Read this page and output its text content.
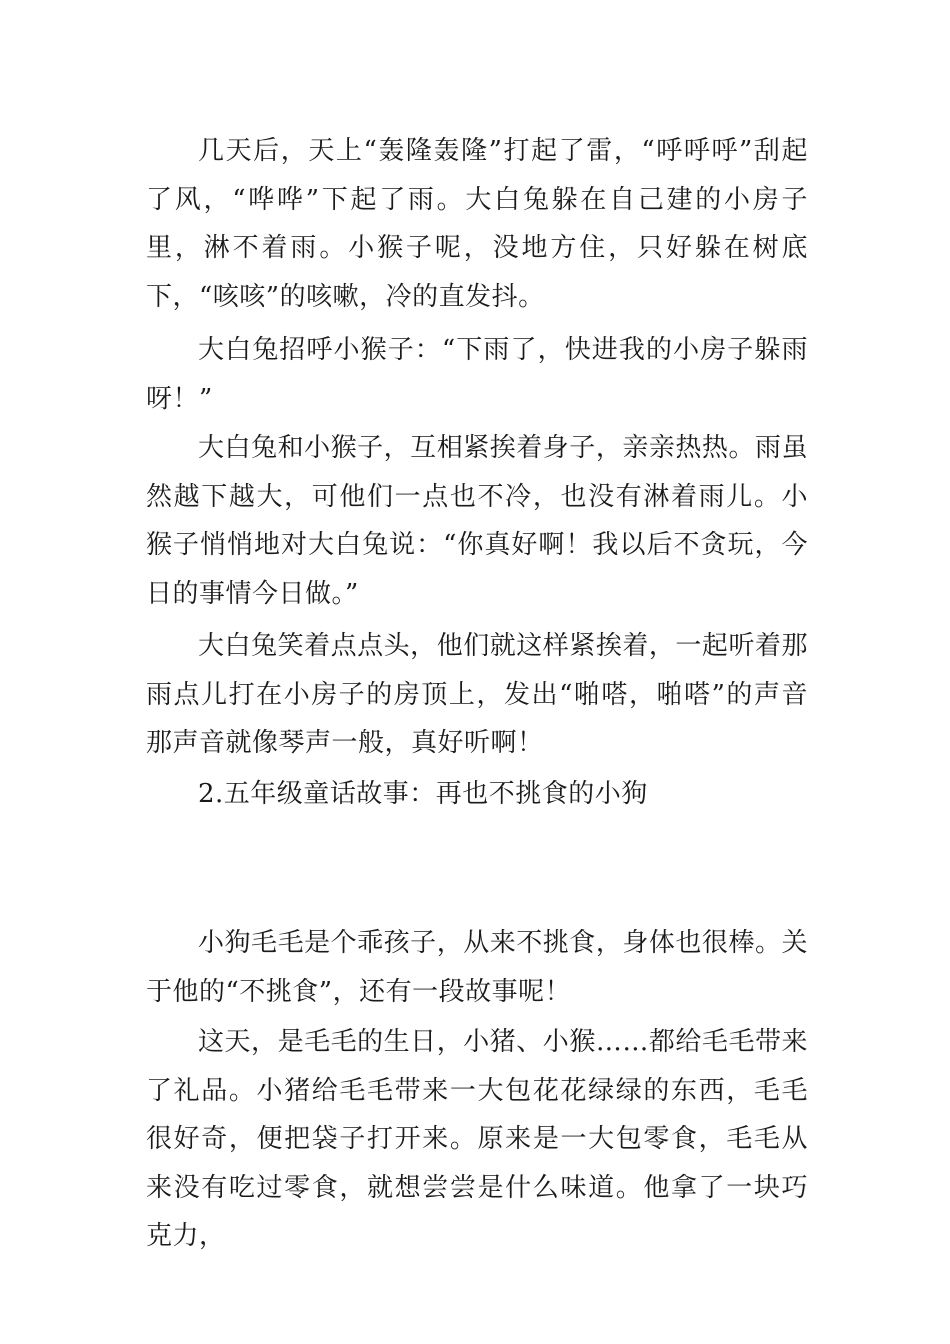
几天后，天上“轰隆轰隆”打起了雷，“呼呼呼”刮起了风，“哗哗”下起了雨。大白兔躲在自己建的小房子里，淋不着雨。小猴子呢，没地方住，只好躲在树底下，“咳咳”的咳嗽，冷的直发抖。

大白兔招呼小猴子：“下雨了，快进我的小房子躲雨呀！”

大白兔和小猴子，互相紧挨着身子，亲亲热热。雨虽然越下越大，可他们一点也不冷，也没有淋着雨儿。小猴子悄悄地对大白兔说：“你真好啊！我以后不贪玩，今日的事情今日做。”

大白兔笑着点点头，他们就这样紧挨着，一起听着那雨点儿打在小房子的房顶上，发出“啪嗒，啪嗒”的声音那声音就像琴声一般，真好听啊！

2.五年级童话故事：再也不挑食的小狗

小狗毛毛是个乖孩子，从来不挑食，身体也很棒。关于他的“不挑食”，还有一段故事呢！

这天，是毛毛的生日，小猪、小猴……都给毛毛带来了礼品。小猪给毛毛带来一大包花花绿绿的东西，毛毛很好奇，便把袋子打开来。原来是一大包零食，毛毛从来没有吃过零食，就想尝尝是什么味道。他拿了一块巧克力，
